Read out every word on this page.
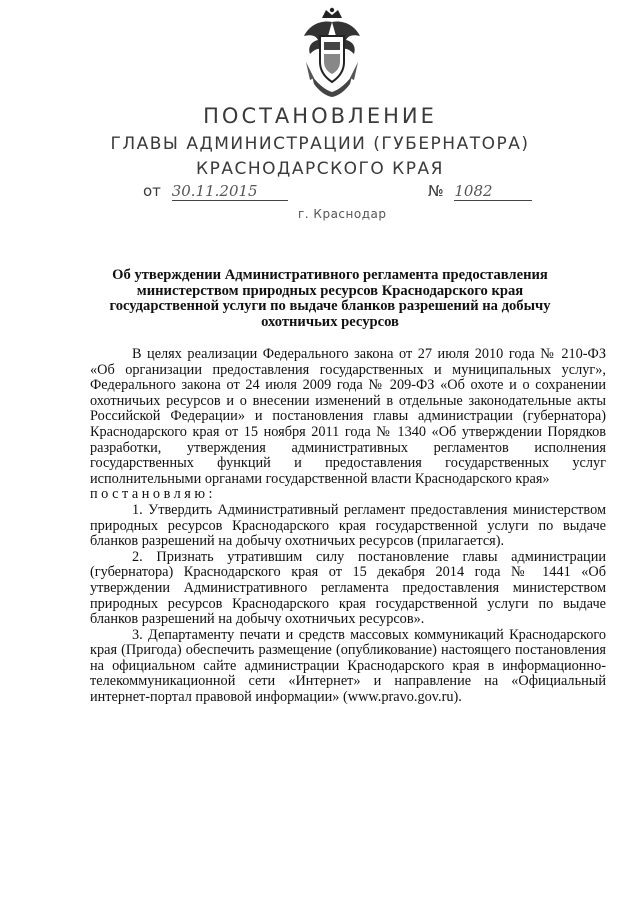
ПОСТАНОВЛЕНИЕ
ГЛАВЫ АДМИНИСТРАЦИИ (ГУБЕРНАТОРА)
КРАСНОДАРСКОГО КРАЯ
от 30.11.2015	№ 1082
г. Краснодар
Об утверждении Административного регламента предоставления министерством природных ресурсов Краснодарского края государственной услуги по выдаче бланков разрешений на добычу охотничьих ресурсов

В целях реализации Федерального закона от 27 июля 2010 года № 210-ФЗ «Об организации предоставления государственных и муниципальных услуг», Федерального закона от 24 июля 2009 года № 209-ФЗ «Об охоте и о сохранении охотничьих ресурсов и о внесении изменений в отдельные законодательные акты Российской Федерации» и постановления главы администрации (губернатора) Краснодарского края от 15 ноября 2011 года № 1340 «Об утверждении Порядков разработки, утверждения административных регламентов исполнения государственных функций и предоставления государственных услуг исполнительными органами государственной власти Краснодарского края»

постановляю:

1. Утвердить Административный регламент предоставления министерством природных ресурсов Краснодарского края государственной услуги по выдаче бланков разрешений на добычу охотничьих ресурсов (прилагается).

2. Признать утратившим силу постановление главы администрации (губернатора) Краснодарского края от 15 декабря 2014 года № 1441 «Об утверждении Административного регламента предоставления министерством природных ресурсов Краснодарского края государственной услуги по выдаче бланков разрешений на добычу охотничьих ресурсов».

3. Департаменту печати и средств массовых коммуникаций Краснодарского края (Пригода) обеспечить размещение (опубликование) настоящего постановления на официальном сайте администрации Краснодарского края в информационно-телекоммуникационной сети «Интернет» и направление на «Официальный интернет-портал правовой информации» (www.pravo.gov.ru).
